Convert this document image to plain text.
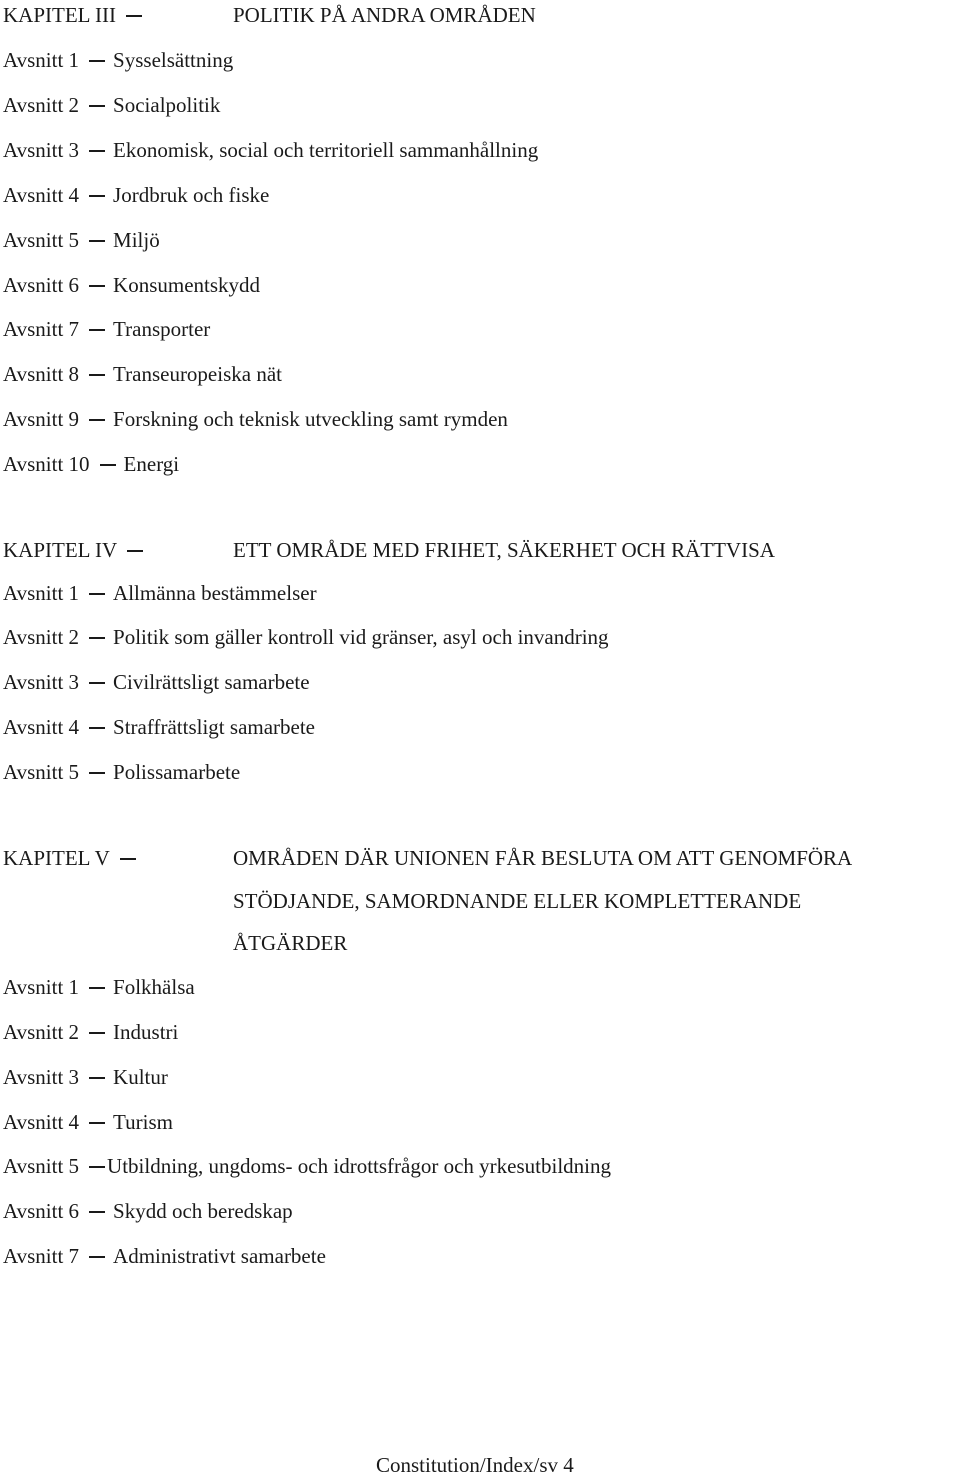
KAPITEL III	POLITIK PÅ ANDRA OMRÅDEN
Avsnitt 1 Sysselsättning
Avsnitt 2 Socialpolitik
Avsnitt 3 Ekonomisk, social och territoriell sammanhållning
Avsnitt 4 Jordbruk och fiske
Avsnitt 5 Miljö
Avsnitt 6 Konsumentskydd
Avsnitt 7 Transporter
Avsnitt 8 Transeuropeiska nät
Avsnitt 9 Forskning och teknisk utveckling samt rymden
Avsnitt 10 Energi
KAPITEL IV	ETT OMRÅDE MED FRIHET, SÄKERHET OCH RÄTTVISA
Avsnitt 1 Allmänna bestämmelser
Avsnitt 2 Politik som gäller kontroll vid gränser, asyl och invandring
Avsnitt 3 Civilrättsligt samarbete
Avsnitt 4 Straffrättsligt samarbete
Avsnitt 5 Polissamarbete
KAPITEL V	OMRÅDEN DÄR UNIONEN FÅR BESLUTA OM ATT GENOMFÖRA
STÖDJANDE, SAMORDNANDE ELLER KOMPLETTERANDE
ÅTGÄRDER
Avsnitt 1 Folkhälsa
Avsnitt 2 Industri
Avsnitt 3 Kultur
Avsnitt 4 Turism
Avsnitt 5 Utbildning, ungdoms- och idrottsfrågor och yrkesutbildning
Avsnitt 6 Skydd och beredskap
Avsnitt 7 Administrativt samarbete
Constitution/Index/sv 4
